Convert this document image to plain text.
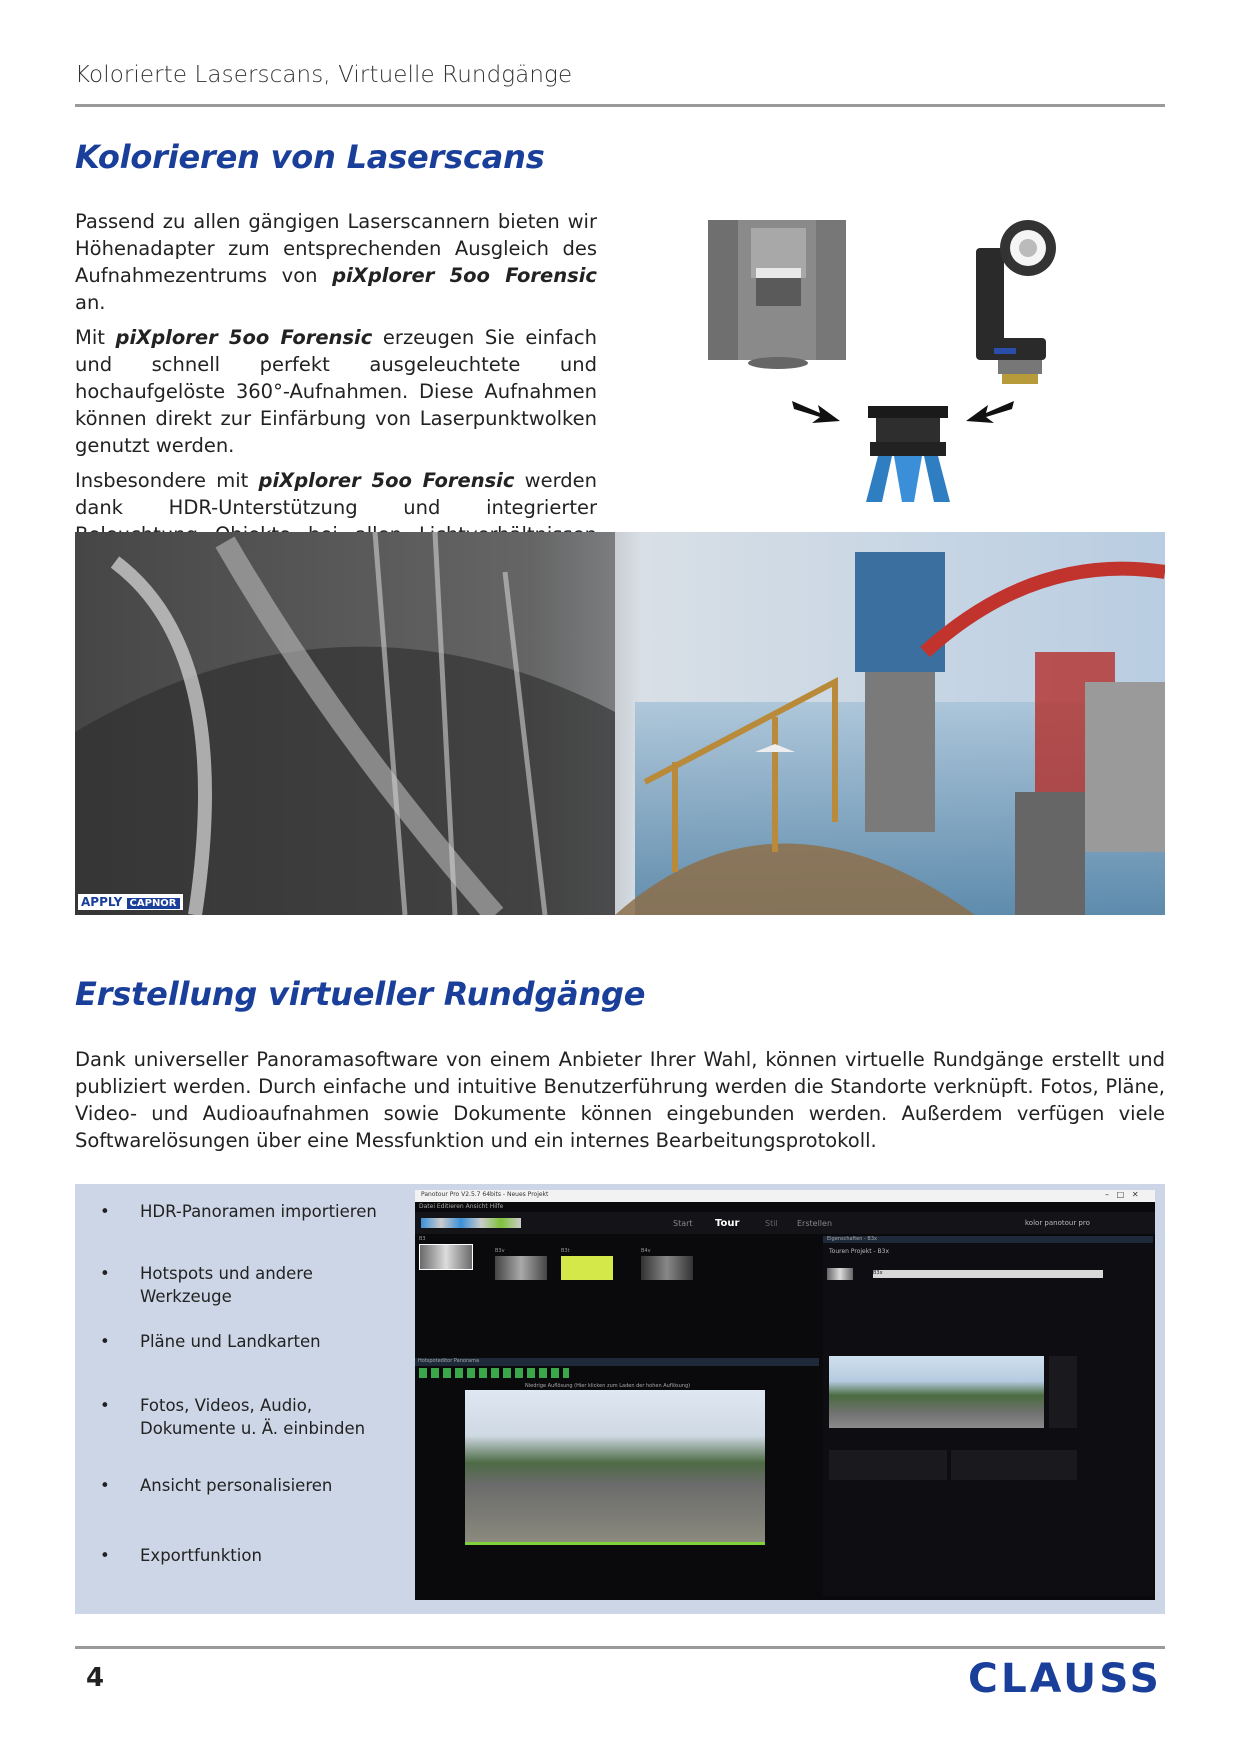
Kolorierte Laserscans, Virtuelle Rundgänge
Kolorieren von Laserscans

Passend zu allen gängigen Laserscannern bieten wir Höhenadapter zum entsprechenden Ausgleich des Aufnahmezentrums von piXplorer 5oo Forensic an.

Mit piXplorer 5oo Forensic erzeugen Sie einfach und schnell perfekt ausgeleuchtete und hochaufgelöste 360°-Aufnahmen. Diese Aufnahmen können direkt zur Einfärbung von Laserpunktwolken genutzt werden.

Insbesondere mit piXplorer 5oo Forensic werden dank HDR-Unterstützung und integrierter

APPLY CAPNOR
Erstellung virtueller Rundgänge
Dank universeller Panoramasoftware von einem Anbieter Ihrer Wahl, können virtuelle Rundgänge erstellt und publiziert werden. Durch einfache und intuitive Benutzerführung werden die Standorte verknüpft. Fotos, Pläne, Video- und Audioaufnahmen sowie Dokumente können eingebunden werden. Außerdem verfügen viele Softwarelösungen über eine Messfunktion und ein internes Bearbeitungsprotokoll.
• HDR-Panoramen importieren
• Hotspots und andere Werkzeuge
• Pläne und Landkarten
• Fotos, Videos, Audio, Dokumente u. Ä. einbinden
• Ansicht personalisieren
• Exportfunktion
Panotour Pro V2.5.7 64bits - Neues Projekt	–   □   ✕
Datei Editieren Ansicht Hilfe
Start Tour	Stil Erstellen	kolor panotour pro
B3
B3v	B3t	B4v
Hotspoteditor Panorama
Niedrige Auflösung (Hier klicken zum Laden der hohen Auflösung)
Eigenschaften - B3x
Touren Projekt - B3x
B3x
4	CLAUSS
